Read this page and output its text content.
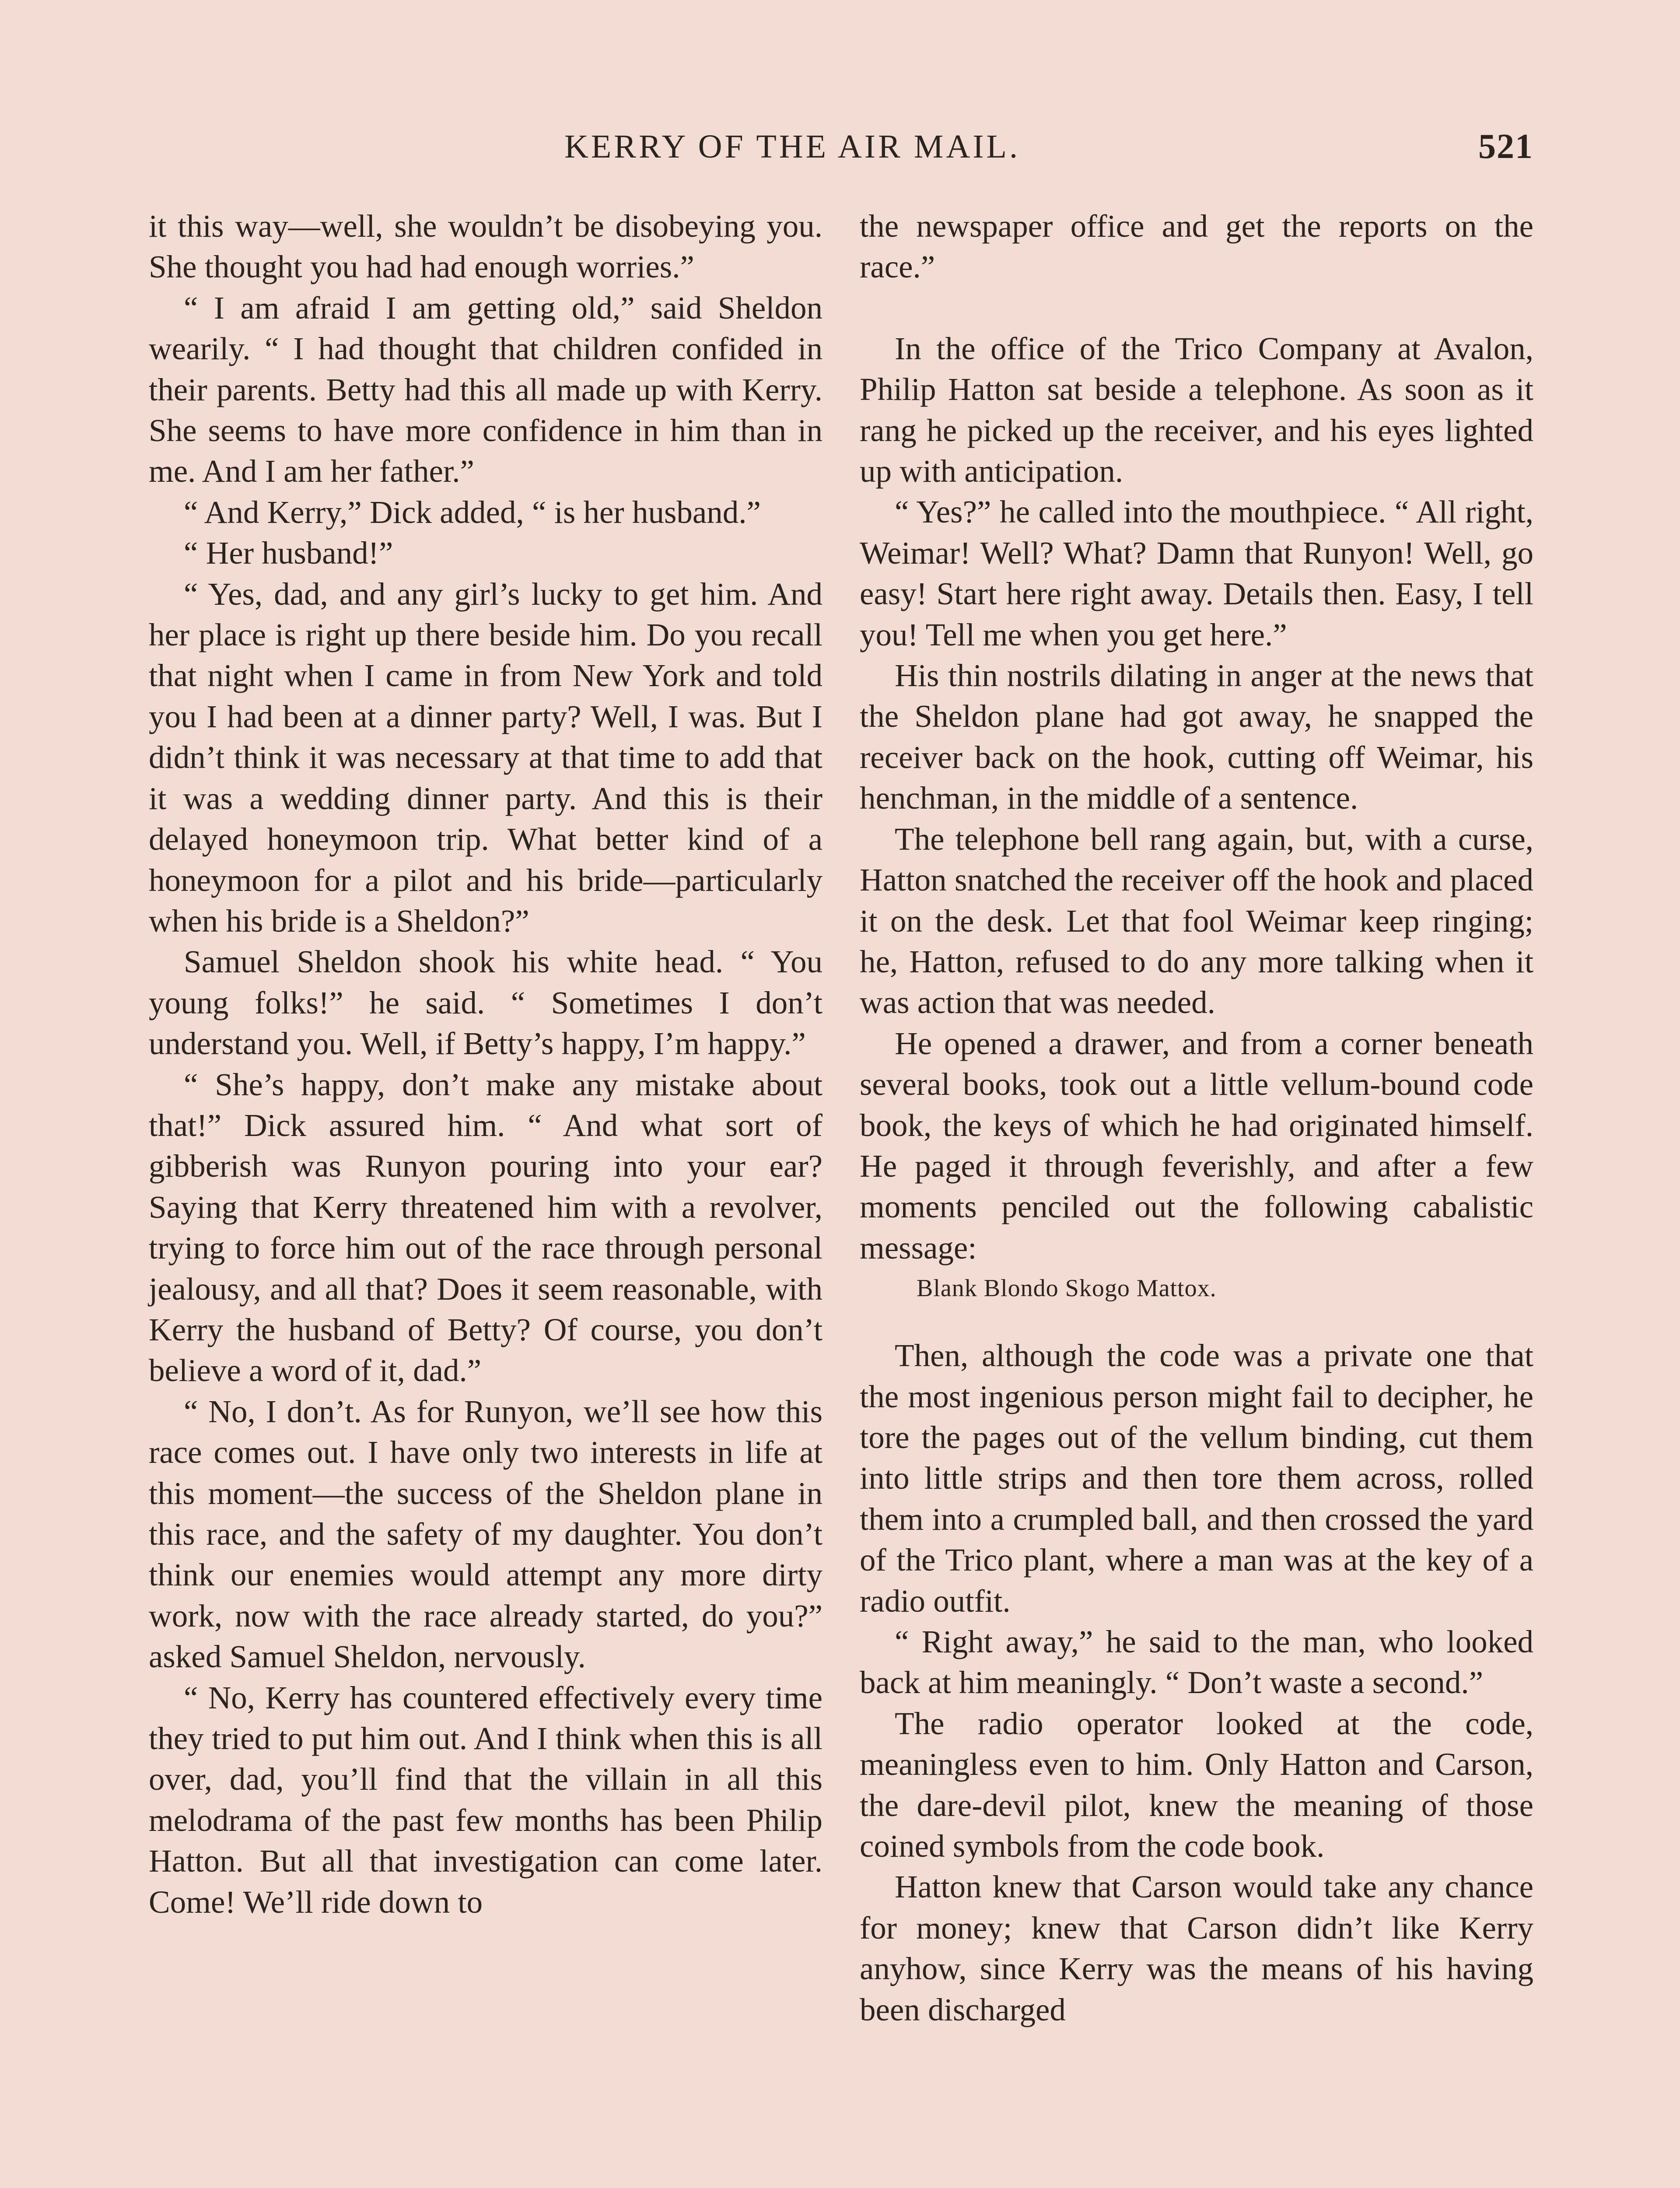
KERRY OF THE AIR MAIL.	521

it this way—well, she wouldn’t be disobeying you. She thought you had had enough worries.”

“ I am afraid I am getting old,” said Sheldon wearily. “ I had thought that children confided in their parents. Betty had this all made up with Kerry. She seems to have more confidence in him than in me. And I am her father.”

“ And Kerry,” Dick added, “ is her husband.”

“ Her husband!”

“ Yes, dad, and any girl’s lucky to get him. And her place is right up there beside him. Do you recall that night when I came in from New York and told you I had been at a dinner party? Well, I was. But I didn’t think it was necessary at that time to add that it was a wedding dinner party. And this is their delayed honeymoon trip. What better kind of a honeymoon for a pilot and his bride—particularly when his bride is a Sheldon?”

Samuel Sheldon shook his white head. “ You young folks!” he said. “ Sometimes I don’t understand you. Well, if Betty’s happy, I’m happy.”

“ She’s happy, don’t make any mistake about that!” Dick assured him. “ And what sort of gibberish was Runyon pouring into your ear? Saying that Kerry threatened him with a revolver, trying to force him out of the race through personal jealousy, and all that? Does it seem reasonable, with Kerry the husband of Betty? Of course, you don’t believe a word of it, dad.”

“ No, I don’t. As for Runyon, we’ll see how this race comes out. I have only two interests in life at this moment—the success of the Sheldon plane in this race, and the safety of my daughter. You don’t think our enemies would attempt any more dirty work, now with the race already started, do you?” asked Samuel Sheldon, nervously.

“ No, Kerry has countered effectively every time they tried to put him out. And I think when this is all over, dad, you’ll find that the villain in all this melodrama of the past few months has been Philip Hatton. But all that investigation can come later. Come! We’ll ride down to

the newspaper office and get the reports on the race.”

In the office of the Trico Company at Avalon, Philip Hatton sat beside a telephone. As soon as it rang he picked up the receiver, and his eyes lighted up with anticipation.

“ Yes?” he called into the mouthpiece. “ All right, Weimar! Well? What? Damn that Runyon! Well, go easy! Start here right away. Details then. Easy, I tell you! Tell me when you get here.”

His thin nostrils dilating in anger at the news that the Sheldon plane had got away, he snapped the receiver back on the hook, cutting off Weimar, his henchman, in the middle of a sentence.

The telephone bell rang again, but, with a curse, Hatton snatched the receiver off the hook and placed it on the desk. Let that fool Weimar keep ringing; he, Hatton, refused to do any more talking when it was action that was needed.

He opened a drawer, and from a corner beneath several books, took out a little vellum-bound code book, the keys of which he had originated himself. He paged it through feverishly, and after a few moments penciled out the following cabalistic message:

Blank Blondo Skogo Mattox.

Then, although the code was a private one that the most ingenious person might fail to decipher, he tore the pages out of the vellum binding, cut them into little strips and then tore them across, rolled them into a crumpled ball, and then crossed the yard of the Trico plant, where a man was at the key of a radio outfit.

“ Right away,” he said to the man, who looked back at him meaningly. “ Don’t waste a second.”

The radio operator looked at the code, meaningless even to him. Only Hatton and Carson, the dare-devil pilot, knew the meaning of those coined symbols from the code book.

Hatton knew that Carson would take any chance for money; knew that Carson didn’t like Kerry anyhow, since Kerry was the means of his having been discharged
